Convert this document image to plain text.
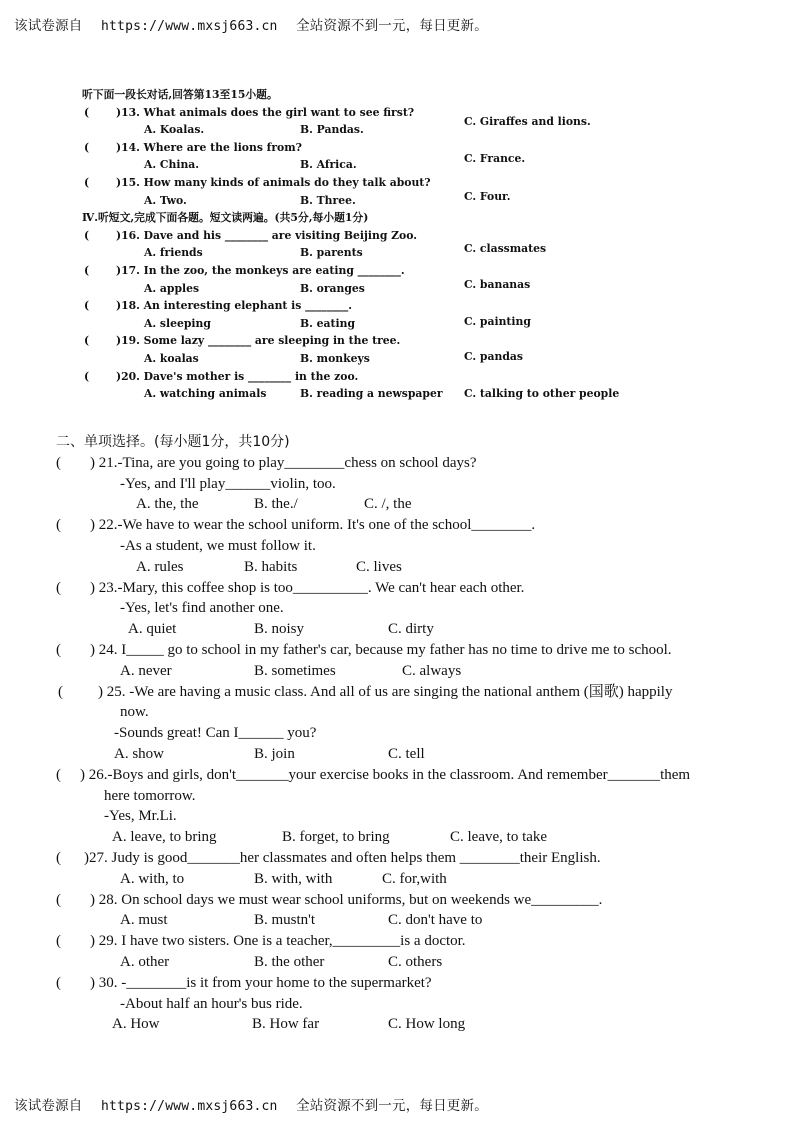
该试卷源自 https://www.mxsj663.cn 全站资源不到一元，每日更新。
听下面一段长对话,回答第13至15小题。
( )13. What animals does the girl want to see first?
A. Koalas.	B. Pandas.
C. Giraffes and lions.
( )14. Where are the lions from?
A. China.	B. Africa.	C. France.
( )15. How many kinds of animals do they talk about?
A. Two.	B. Three.	C. Four.
Ⅳ.听短文,完成下面各题。短文读两遍。(共5分,每小题1分)
( )16. Dave and his ________ are visiting Beijing Zoo.
A. friends	B. parents	C. classmates
( )17. In the zoo, the monkeys are eating ________.
A. apples	B. oranges	C. bananas
( )18. An interesting elephant is ________.
A. sleeping	B. eating	C. painting
( )19. Some lazy ________ are sleeping in the tree.
A. koalas	B. monkeys	C. pandas
( )20. Dave's mother is ________ in the zoo.
A. watching animals	B. reading a newspaper C. talking to other people
二、单项选择。(每小题1分，共10分)
( ) 21.-Tina, are you going to play________chess on school days?
-Yes, and I'll play______violin, too.
A. the, the	B. the./	C. /, the
( ) 22.-We have to wear the school uniform. It's one of the school________.
-As a student, we must follow it.
A. rules	B. habits	C. lives
( ) 23.-Mary, this coffee shop is too__________. We can't hear each other.
-Yes, let's find another one.
A. quiet	B. noisy	C. dirty
( ) 24. I_____ go to school in my father's car, because my father has no time to drive me to school.
A. never	B. sometimes	C. always
( ) 25. -We are having a music class. And all of us are singing the national anthem (国歌) happily
now.
-Sounds great! Can I______ you?
A. show	B. join	C. tell
( ) 26.-Boys and girls, don't_______your exercise books in the classroom. And remember_______them
here tomorrow.
-Yes, Mr.Li.
A. leave, to bring	B. forget, to bring	C. leave, to take
( )27. Judy is good_______her classmates and often helps them ________their English.
A. with, to	B. with, with	C. for,with
( ) 28. On school days we must wear school uniforms, but on weekends we_________.
A. must	B. mustn't	C. don't have to
( ) 29. I have two sisters. One is a teacher,_________is a doctor.
A. other	B. the other	C. others
( ) 30. -________is it from your home to the supermarket?
-About half an hour's bus ride.
A. How	B. How far	C. How long
该试卷源自 https://www.mxsj663.cn 全站资源不到一元，每日更新。
